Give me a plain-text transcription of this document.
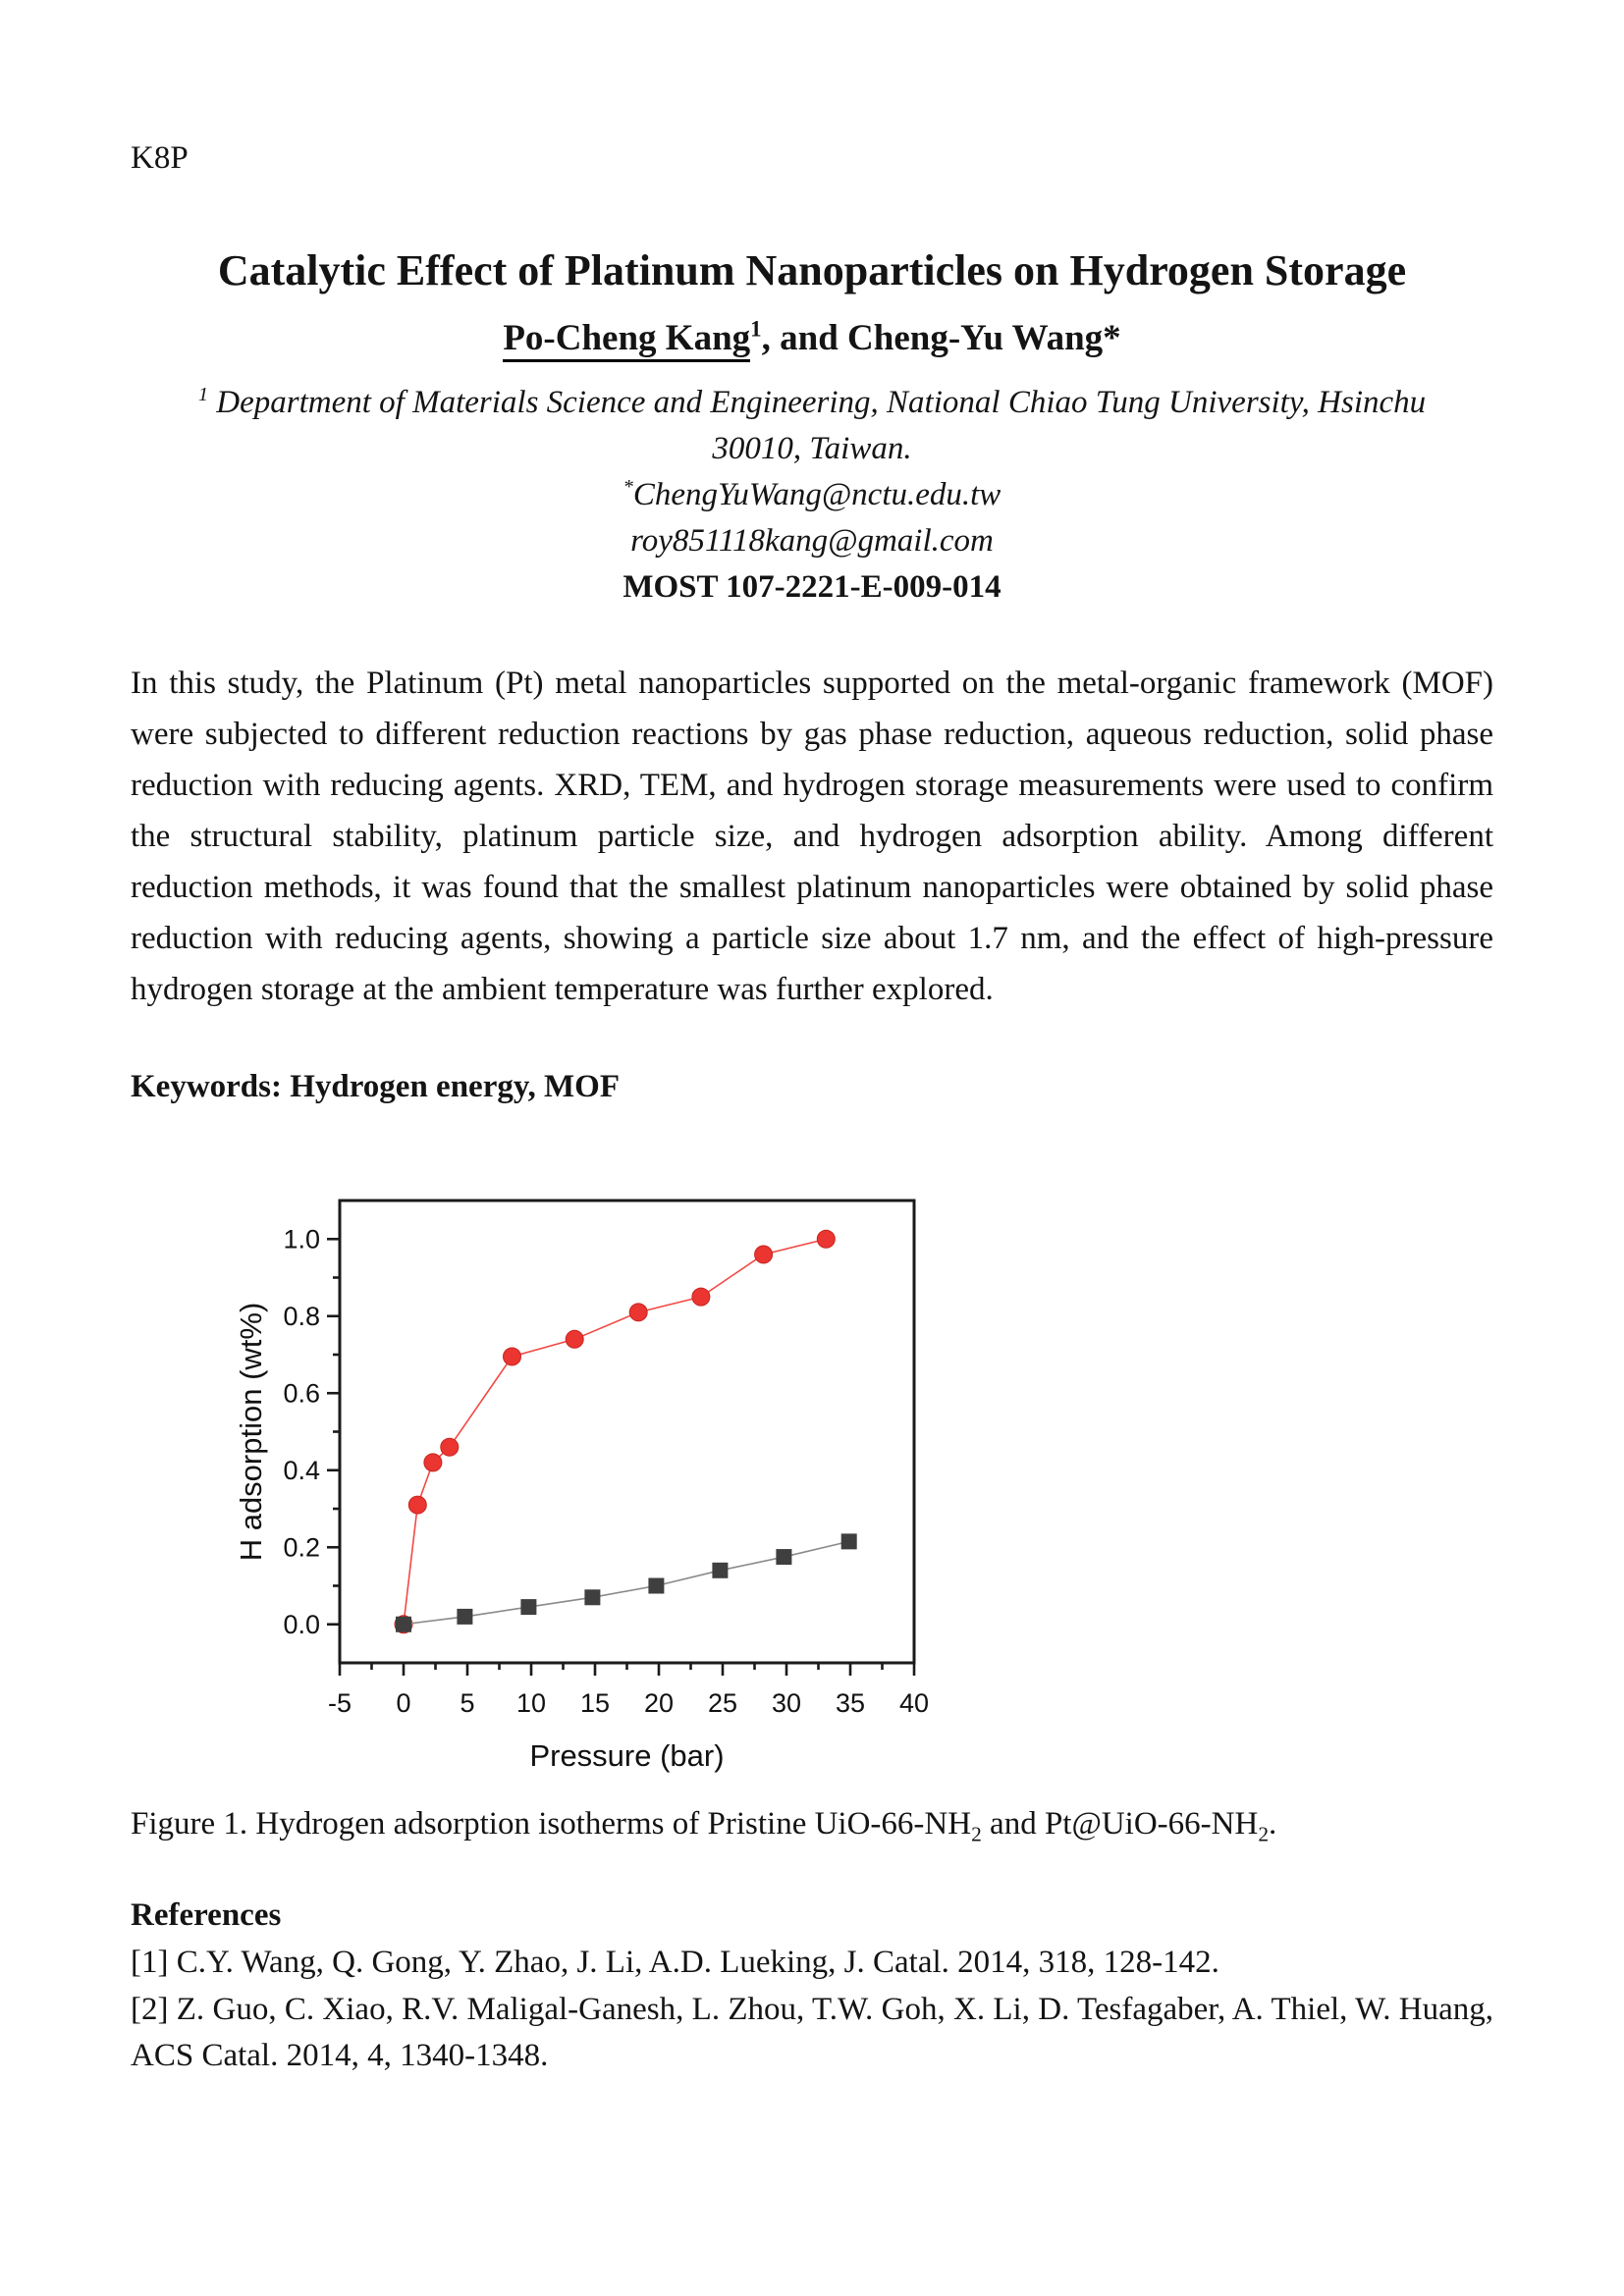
K8P
Catalytic Effect of Platinum Nanoparticles on Hydrogen Storage
Po-Cheng Kang$^1$, and Cheng-Yu Wang*
$^1$ Department of Materials Science and Engineering, National Chiao Tung University, Hsinchu
30010, Taiwan.
*ChengYuWang@nctu.edu.tw
roy851118kang@gmail.com
MOST 107-2221-E-009-014
In this study, the Platinum (Pt) metal nanoparticles supported on the metal-organic framework (MOF) were subjected to different reduction reactions by gas phase reduction, aqueous reduction, solid phase reduction with reducing agents. XRD, TEM, and hydrogen storage measurements were used to confirm the structural stability, platinum particle size, and hydrogen adsorption ability. Among different reduction methods, it was found that the smallest platinum nanoparticles were obtained by solid phase reduction with reducing agents, showing a particle size about 1.7 nm, and the effect of high-pressure hydrogen storage at the ambient temperature was further explored.
Keywords: Hydrogen energy, MOF
-5 0 5 10 15 20 25 30 35 40
0.0
0.2
0.4
0.6
0.8
1.0
Pressure (bar)
H adsorption (wt%)
Figure 1. Hydrogen adsorption isotherms of Pristine UiO-$66-NH_2$ and $Pt@UiO-66-NH_2$.
References
[1] C.Y. Wang, Q. Gong, Y. Zhao, J. Li, A.D. Lueking, J. Catal. 2014, 318, 128-142.
[2] Z. Guo, C. Xiao, R.V. Maligal-Ganesh, L. Zhou, T.W. Goh, X. Li, D. Tesfagaber, A. Thiel, W. Huang, ACS Catal. 2014, 4, 1340-1348.
